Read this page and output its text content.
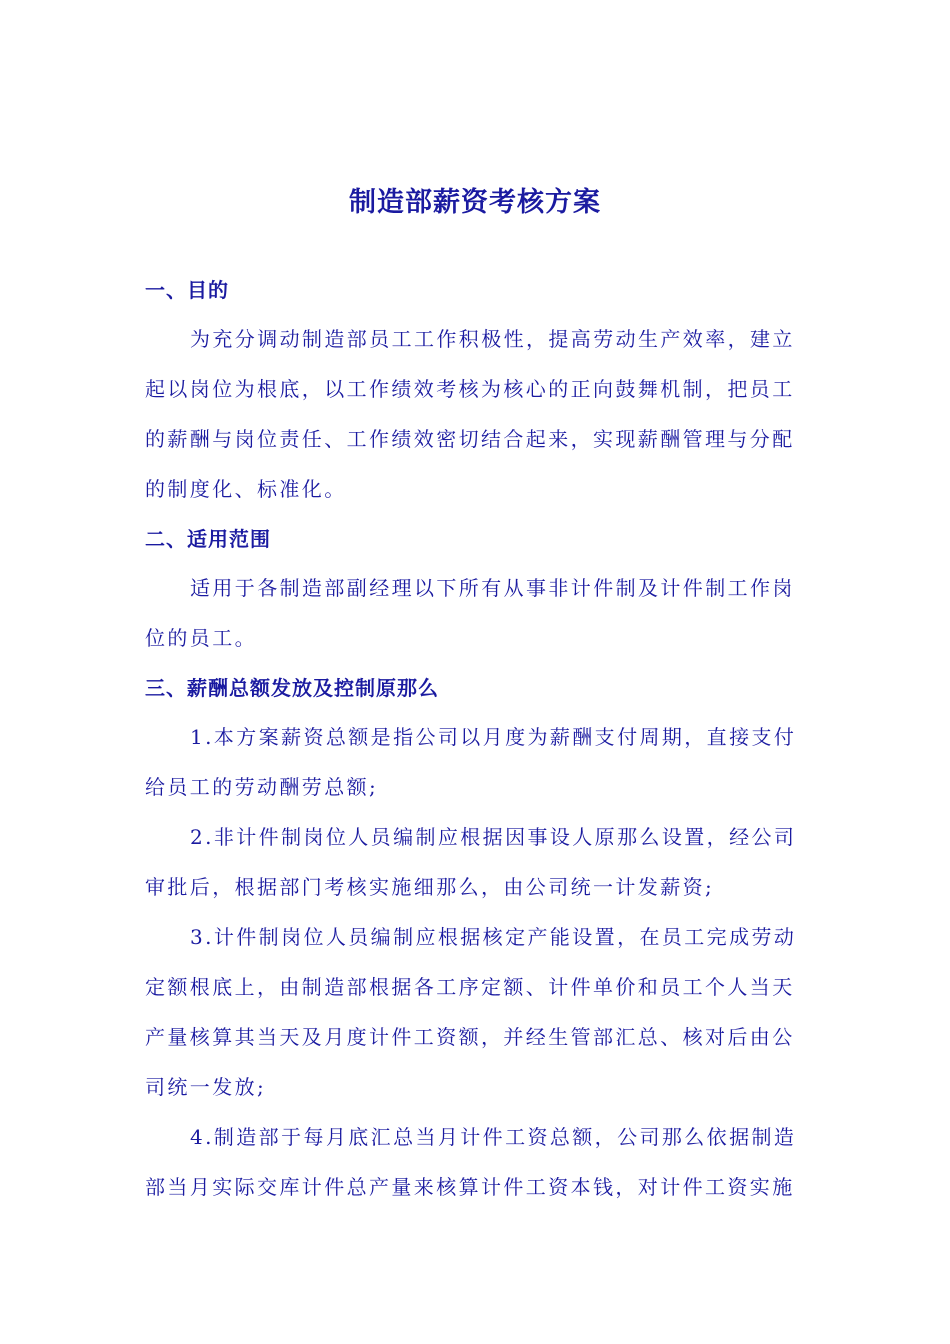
制造部薪资考核方案
一、目的
为充分调动制造部员工工作积极性，提高劳动生产效率，建立
起以岗位为根底，以工作绩效考核为核心的正向鼓舞机制，把员工
的薪酬与岗位责任、工作绩效密切结合起来，实现薪酬管理与分配
的制度化、标准化。
二、适用范围
适用于各制造部副经理以下所有从事非计件制及计件制工作岗
位的员工。
三、薪酬总额发放及控制原那么
1.本方案薪资总额是指公司以月度为薪酬支付周期，直接支付
给员工的劳动酬劳总额;
2.非计件制岗位人员编制应根据因事设人原那么设置，经公司
审批后，根据部门考核实施细那么，由公司统一计发薪资;
3.计件制岗位人员编制应根据核定产能设置，在员工完成劳动
定额根底上，由制造部根据各工序定额、计件单价和员工个人当天
产量核算其当天及月度计件工资额，并经生管部汇总、核对后由公
司统一发放;
4.制造部于每月底汇总当月计件工资总额，公司那么依据制造
部当月实际交库计件总产量来核算计件工资本钱，对计件工资实施
